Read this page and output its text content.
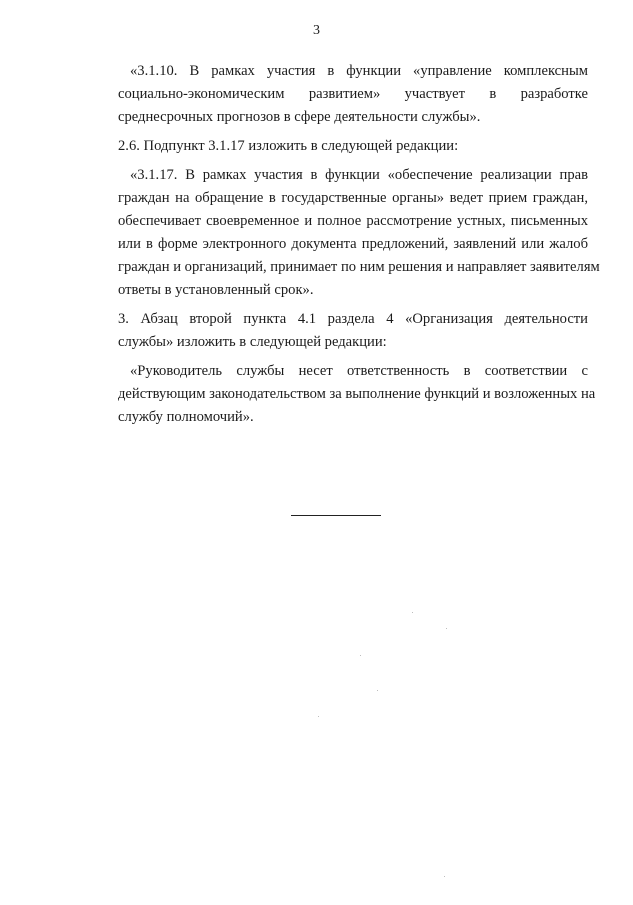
3
«3.1.10. В рамках участия в функции «управление комплексным
социально-экономическим развитием» участвует в разработке
среднесрочных прогнозов в сфере деятельности службы».
2.6. Подпункт 3.1.17 изложить в следующей редакции:
«3.1.17. В рамках участия в функции «обеспечение реализации прав
граждан на обращение в государственные органы» ведет прием граждан,
обеспечивает своевременное и полное рассмотрение устных, письменных
или в форме электронного документа предложений, заявлений или жалоб
граждан и организаций, принимает по ним решения и направляет заявителям
ответы в установленный срок».
3. Абзац второй пункта 4.1 раздела 4 «Организация деятельности
службы» изложить в следующей редакции:
«Руководитель службы несет ответственность в соответствии с
действующим законодательством за выполнение функций и возложенных на
службу полномочий».
